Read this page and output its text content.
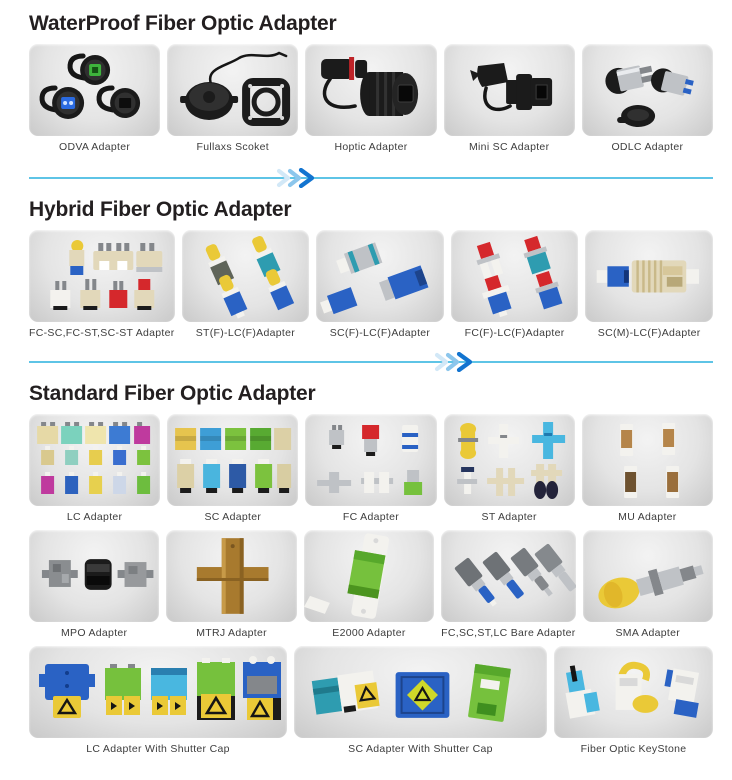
WaterProof Fiber Optic Adapter
ODVA Adapter	Fullaxs Scoket	Hoptic Adapter	Mini SC Adapter	ODLC Adapter
Hybrid Fiber Optic Adapter
FC-SC,FC-ST,SC-ST Adapter	ST(F)-LC(F)Adapter	SC(F)-LC(F)Adapter	FC(F)-LC(F)Adapter	SC(M)-LC(F)Adapter
Standard Fiber Optic Adapter
LC Adapter	SC Adapter	FC Adapter	ST Adapter	MU Adapter
MPO Adapter	MTRJ Adapter	E2000 Adapter	FC,SC,ST,LC Bare Adapter	SMA Adapter
LC Adapter With Shutter Cap	SC Adapter With Shutter Cap	Fiber Optic KeyStone
